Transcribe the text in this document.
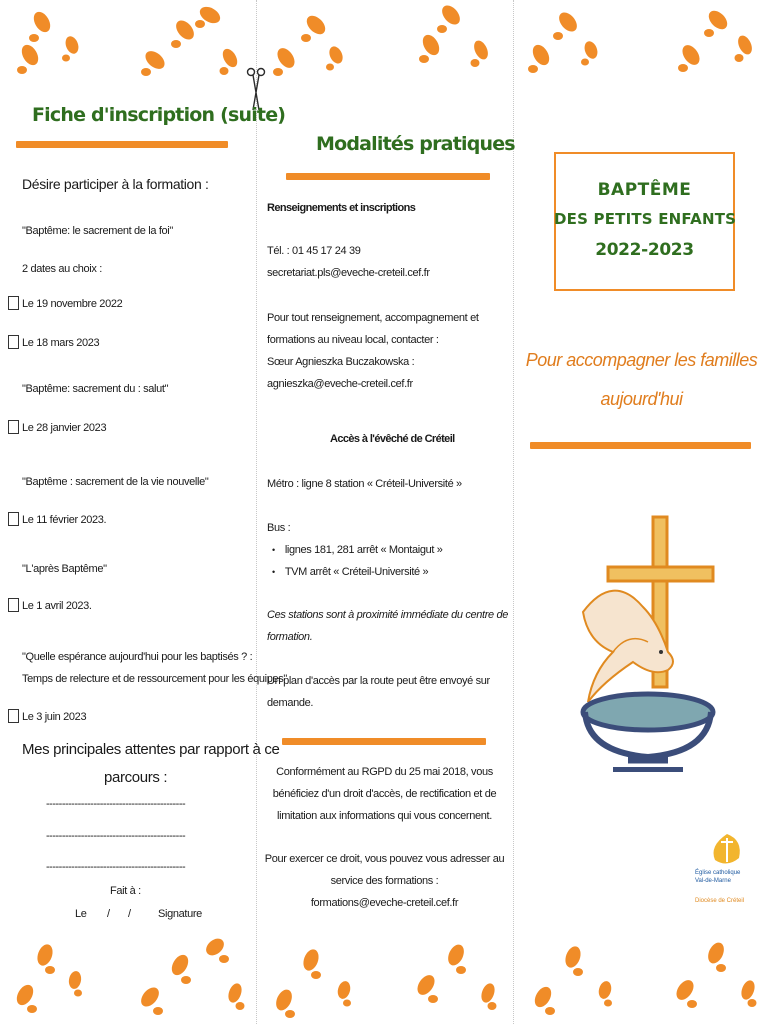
Fiche d'inscription (suite)
Désire participer à la formation :
"Baptême: le sacrement de la foi"
2 dates au choix :
Le 19 novembre 2022
Le 18 mars 2023
"Baptême: sacrement du : salut"
Le 28 janvier 2023
"Baptême : sacrement de la vie nouvelle"
Le 11 février 2023.
"L'après Baptême"
Le 1 avril 2023.
"Quelle espérance aujourd'hui pour les baptisés ? :
Temps de relecture et de ressourcement pour les équipes"
Le 3 juin 2023
Mes principales attentes par rapport à ce
parcours :
--------------------------------------------
--------------------------------------------
--------------------------------------------
Fait à :
Le / / Signature
Modalités pratiques
Renseignements et inscriptions
Tél. : 01 45 17 24 39
secretariat.pls@eveche-creteil.cef.fr
Pour tout renseignement, accompagnement et
formations au niveau local, contacter :
Sœur Agnieszka Buczakowska :
agnieszka@eveche-creteil.cef.fr
Accès à l'évêché de Créteil
Métro : ligne 8 station « Créteil-Université »
Bus :
• lignes 181, 281 arrêt « Montaigut »
• TVM arrêt « Créteil-Université »
Ces stations sont à proximité immédiate du centre de
formation.
Un plan d'accès par la route peut être envoyé sur
demande.
Conformément au RGPD du 25 mai 2018, vous
bénéficiez d'un droit d'accès, de rectification et de
limitation aux informations qui vous concernent.
Pour exercer ce droit, vous pouvez vous adresser au
service des formations :
formations@eveche-creteil.cef.fr
BAPTÊME
DES PETITS ENFANTS
2022-2023
Pour accompagner les familles
aujourd'hui
Église catholique
Val-de-Marne
Diocèse de Créteil
